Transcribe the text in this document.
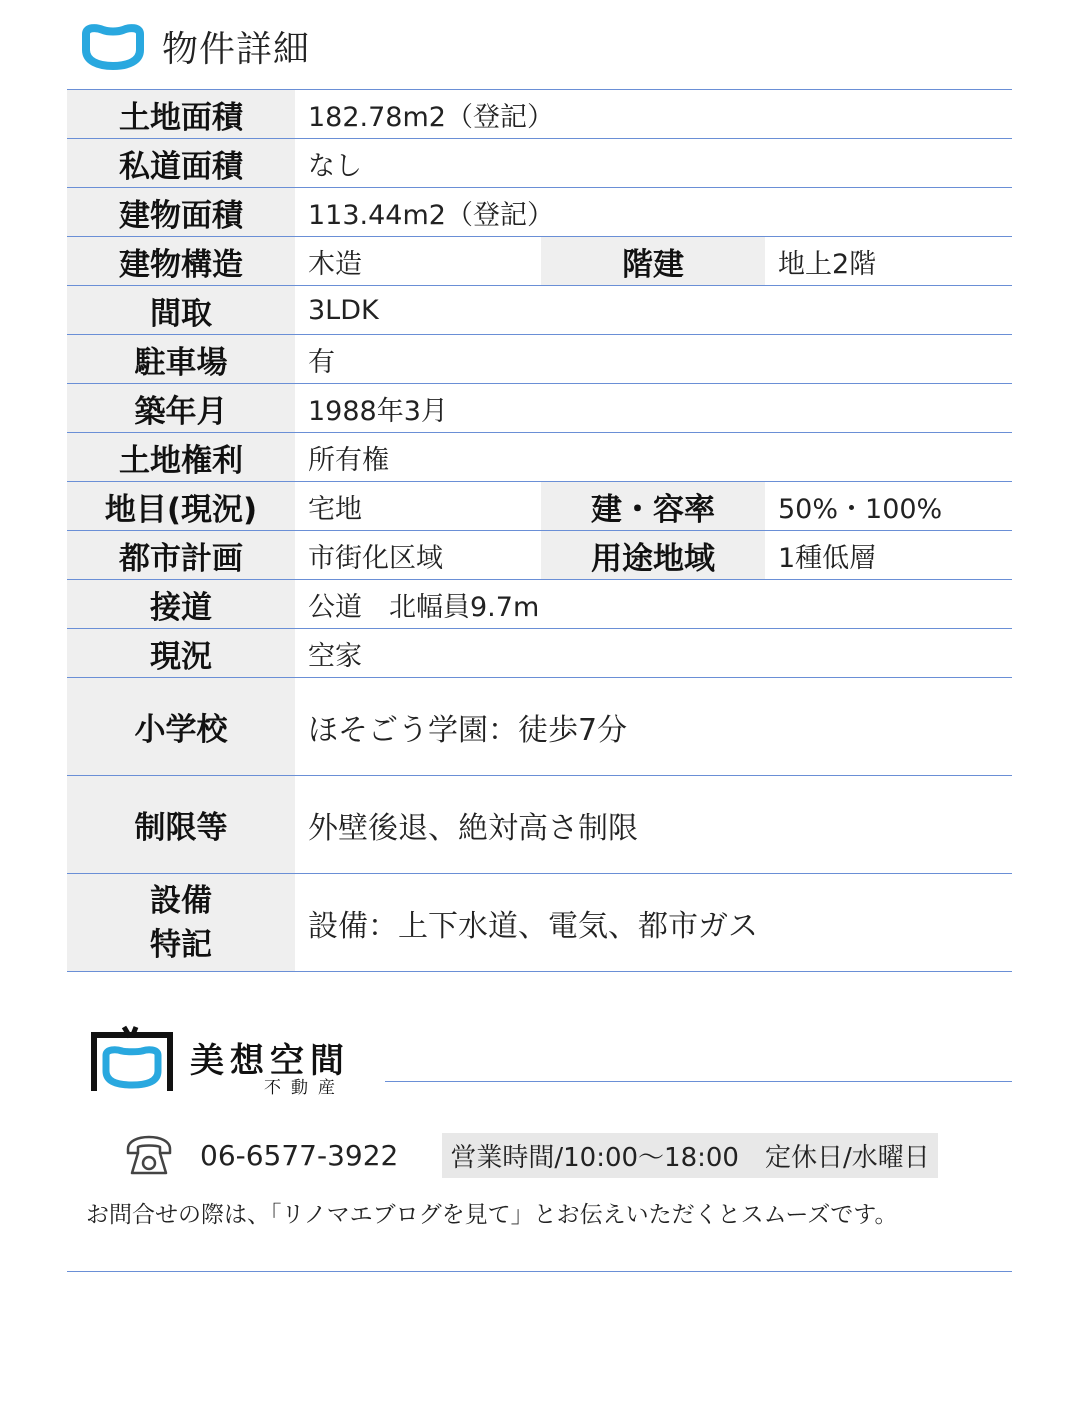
物件詳細
土地面積	182.78m2（登記）		
私道面積	なし		
建物面積	113.44m2（登記）		
建物構造	木造	階建	地上2階
間取	3LDK		
駐車場	有		
築年月	1988年3月		
土地権利	所有権		
地目(現況)	宅地	建・容率	50%・100%
都市計画	市街化区域	用途地域	1種低層
接道	公道　北幅員9.7m		
現況	空家		
小学校	ほそごう学園：徒歩7分		
制限等	外壁後退、絶対高さ制限		

設備
特記	設備：上下水道、電気、都市ガス		
美想空間
不動産
06-6577-3922	営業時間/10:00〜18:00　定休日/水曜日
お問合せの際は、「リノマエブログを見て」とお伝えいただくとスムーズです。
